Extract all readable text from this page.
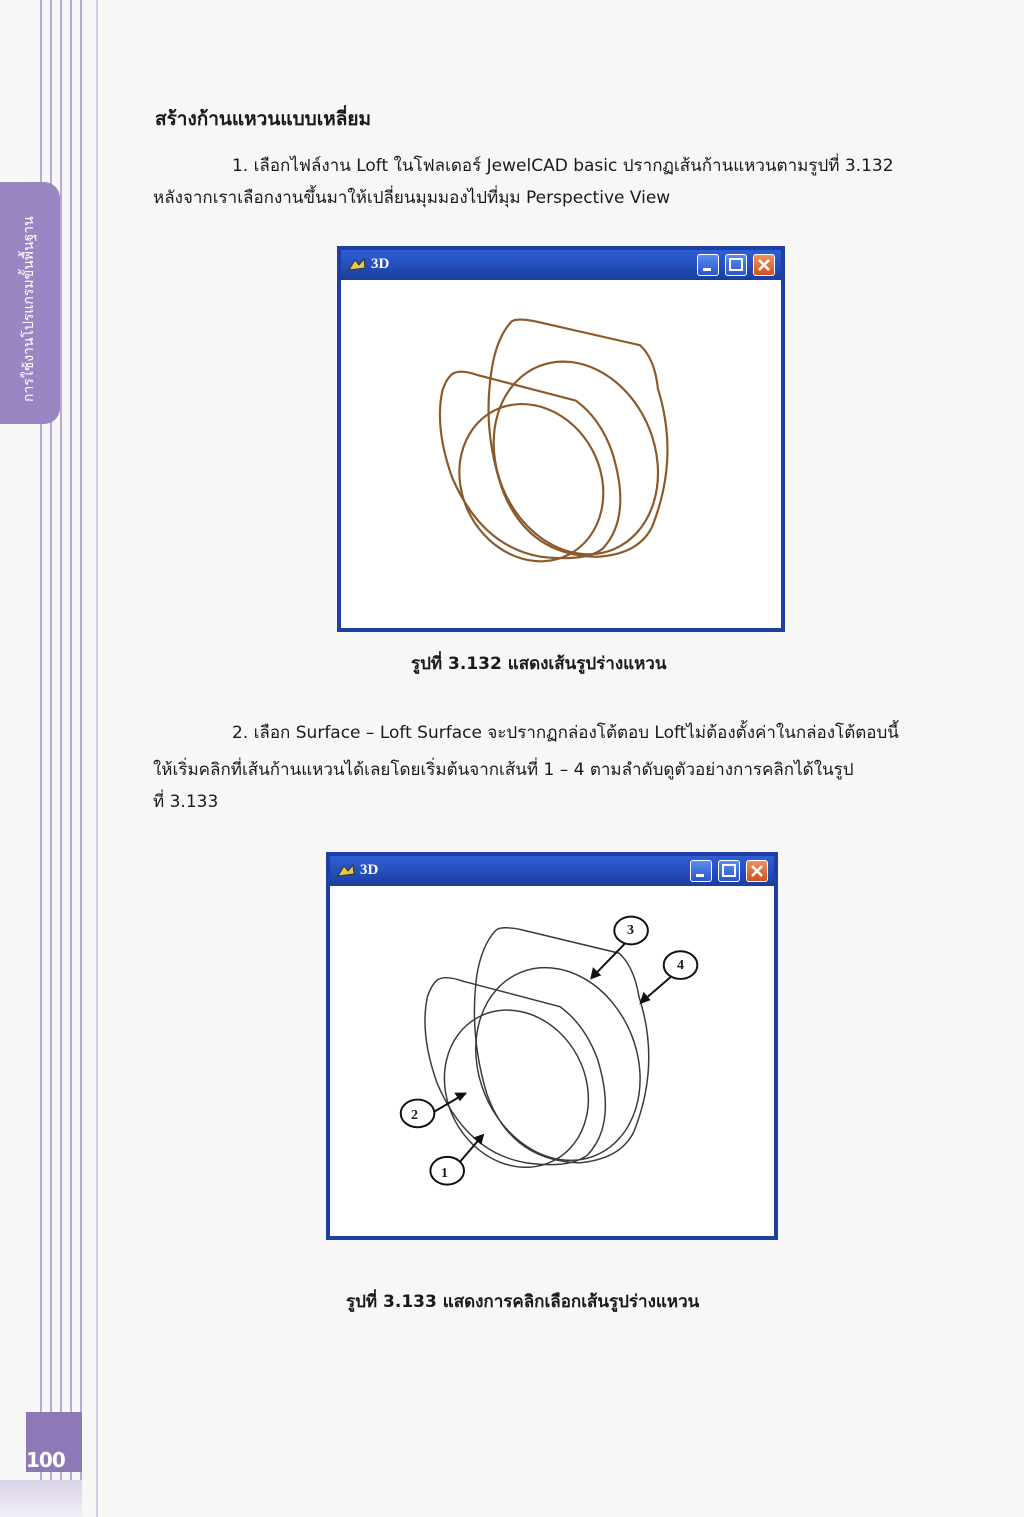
การใช้งานโปรแกรมขั้นพื้นฐาน
100
สร้างก้านแหวนแบบเหลี่ยม
1. เลือกไฟล์งาน Loft ในโฟลเดอร์ JewelCAD basic ปรากฏเส้นก้านแหวนตามรูปที่ 3.132
หลังจากเราเลือกงานขึ้นมาให้เปลี่ยนมุมมองไปที่มุม Perspective View
3D
รูปที่ 3.132 แสดงเส้นรูปร่างแหวน
2. เลือก Surface – Loft Surface จะปรากฏกล่องโต้ตอบ Loftไม่ต้องตั้งค่าในกล่องโต้ตอบนี้
ให้เริ่มคลิกที่เส้นก้านแหวนได้เลยโดยเริ่มต้นจากเส้นที่ 1 – 4 ตามลำดับดูตัวอย่างการคลิกได้ในรูป
ที่ 3.133
3D
3
4
2
1
รูปที่ 3.133 แสดงการคลิกเลือกเส้นรูปร่างแหวน
